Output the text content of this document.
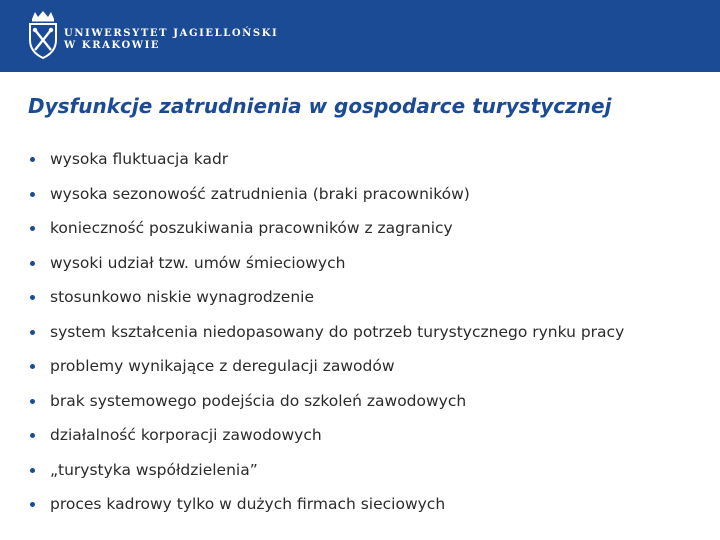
UNIWERSYTET JAGIELLOŃSKI
W KRAKOWIE
Dysfunkcje zatrudnienia w gospodarce turystycznej
wysoka fluktuacja kadr
wysoka sezonowość zatrudnienia (braki pracowników)
konieczność poszukiwania pracowników z zagranicy
wysoki udział tzw. umów śmieciowych
stosunkowo niskie wynagrodzenie
system kształcenia niedopasowany do potrzeb turystycznego rynku pracy
problemy wynikające z deregulacji zawodów
brak systemowego podejścia do szkoleń zawodowych
działalność korporacji zawodowych
„turystyka współdzielenia”
proces kadrowy tylko w dużych firmach sieciowych
